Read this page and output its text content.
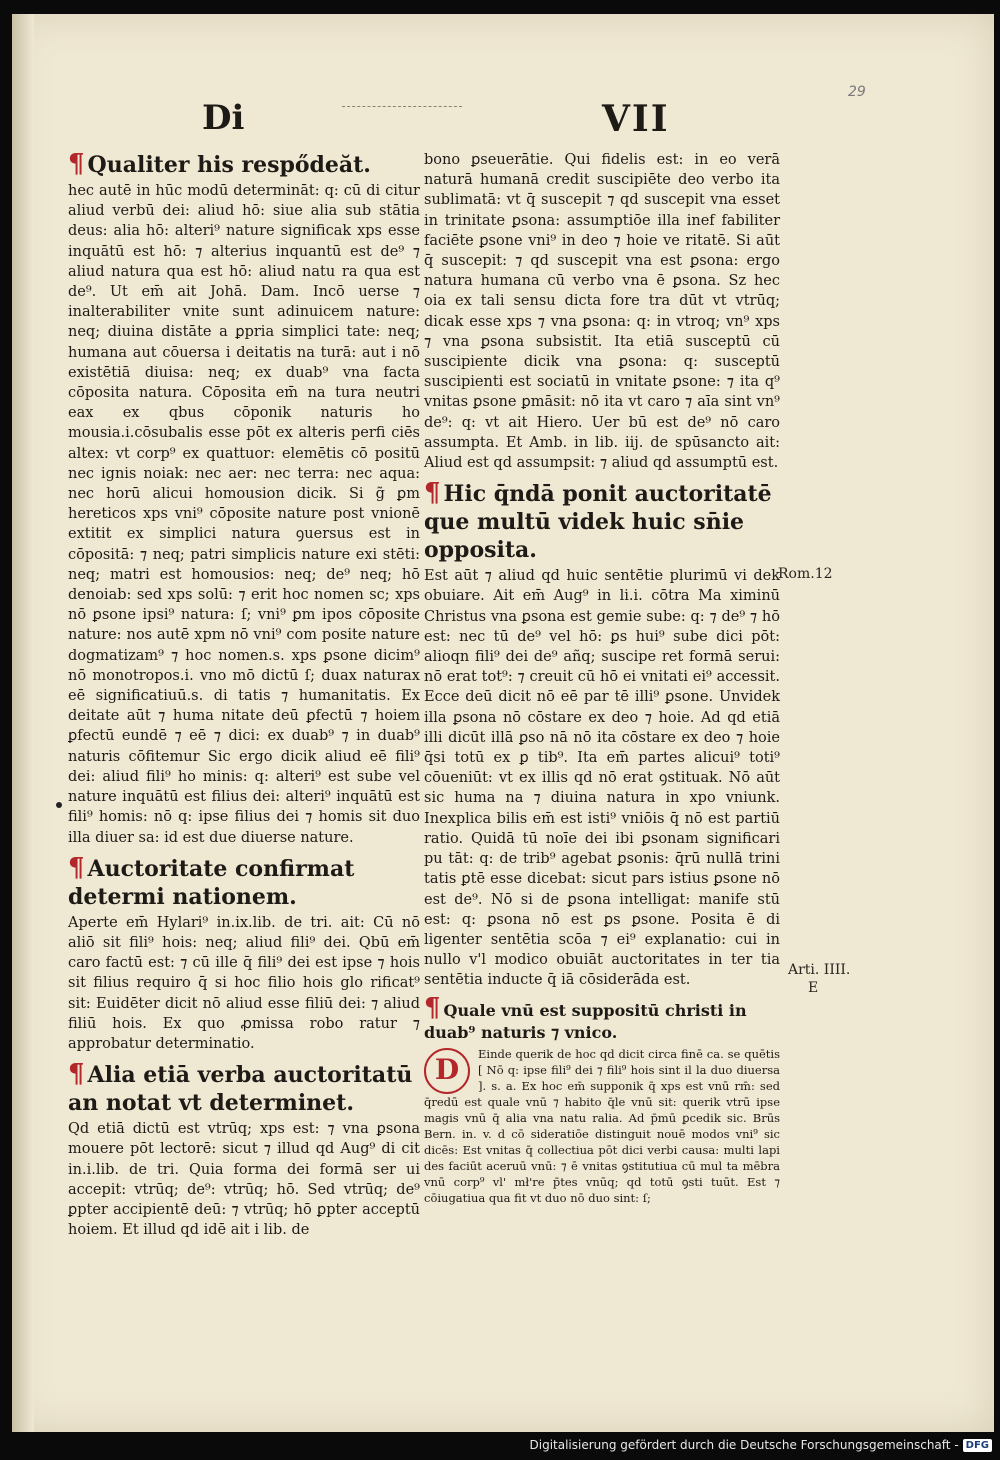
29
Di	VII
¶ Qualiter his respődeăt.

hec autē in hūc modū determināt: q: cū di citur aliud verbū dei: aliud hō: siue alia sub stātia deus: alia hō: alteri⁹ nature significak xps esse inquātū est hō: ⁊ alterius inquantū est de⁹ ⁊ aliud natura qua est hō: aliud natu ra qua est de⁹. Ut em̄ ait Johā. Dam. Incō uerse ⁊ inalterabiliter vnite sunt adinuicem nature: neq; diuina distāte a ꝑpria simplici tate: neq; humana aut cōuersa i deitatis na turā: aut i nō existētiā diuisa: neq; ex duab⁹ vna facta cōposita natura. Cōposita em̄ na tura neutri eax ex qbus cōponik naturis ho mousia.i.cōsubalis esse pōt ex alteris perfi ciēs altex: vt corp⁹ ex quattuor: elemētis cō positū nec ignis noiak: nec aer: nec terra: nec aqua: nec horū alicui homousion dicik. Si g̃ ꝑm hereticos xps vni⁹ cōposite nature post vnionē extitit ex simplici natura ꝯuersus est in cōpositā: ⁊ neq; patri simplicis nature exi stēti: neq; matri est homousios: neq; de⁹ neq; hō denoiab: sed xps solū: ⁊ erit hoc nomen sc; xps nō ꝑsone ipsi⁹ natura: ſ; vni⁹ ꝑm ipos cōposite nature: nos autē xpm nō vni⁹ com posite nature dogmatizam⁹ ⁊ hoc nomen.s. xps ꝑsone dicim⁹ nō monotropos.i. vno mō dictū ſ; duax naturax eē significatiuū.s. di tatis ⁊ humanitatis. Ex deitate aūt ⁊ huma nitate deū ꝑfectū ⁊ hoiem ꝑfectū eundē ⁊ eē ⁊ dici: ex duab⁹ ⁊ in duab⁹ naturis cōfitemur Sic ergo dicik aliud eē fili⁹ dei: aliud fili⁹ ho minis: q: alteri⁹ est sube vel nature inquātū est filius dei: alteri⁹ inquātū est fili⁹ homis: nō q: ipse filius dei ⁊ homis sit duo illa diuer sa: id est due diuerse nature.

¶ Auctoritate confirmat determi nationem.

Aperte em̄ Hylari⁹ in.ix.lib. de tri. ait: Cū nō aliō sit fili⁹ hois: neq; aliud fili⁹ dei. Qbū em̄ caro factū est: ⁊ cū ille q̄ fili⁹ dei est ipse ⁊ hois sit filius requiro q̄ si hoc filio hois glo rificat⁹ sit: Euidēter dicit nō aliud esse filiū dei: ⁊ aliud filiū hois. Ex quo ꝓmissa robo ratur ⁊ approbatur determinatio.

¶ Alia etiā verba auctoritatū an notat vt determinet.

Qd etiā dictū est vtrūq; xps est: ⁊ vna ꝑsona mouere pōt lectorē: sicut ⁊ illud qd Aug⁹ di cit in.i.lib. de tri. Quia forma dei formā ser ui accepit: vtrūq; de⁹: vtrūq; hō. Sed vtrūq; de⁹ ꝑpter accipientē deū: ⁊ vtrūq; hō ꝑpter acceptū hoiem. Et illud qd idē ait i lib. de

bono ꝑseuerātie. Qui fidelis est: in eo verā naturā humanā credit suscipiēte deo verbo ita sublimatā: vt q̄ suscepit ⁊ qd suscepit vna esset in trinitate ꝑsona: assumptiōe illa inef fabiliter faciēte ꝑsone vni⁹ in deo ⁊ hoie ve ritatē. Si aūt q̄ suscepit: ⁊ qd suscepit vna est ꝑsona: ergo natura humana cū verbo vna ē ꝑsona. Sz hec oia ex tali sensu dicta fore tra dūt vt vtrūq; dicak esse xps ⁊ vna ꝑsona: q: in vtroq; vn⁹ xps ⁊ vna ꝑsona subsistit. Ita etiā susceptū cū suscipiente dicik vna ꝑsona: q: susceptū suscipienti est sociatū in vnitate ꝑsone: ⁊ ita q⁹ vnitas ꝑsone ꝑmāsit: nō ita vt caro ⁊ aīa sint vn⁹ de⁹: q: vt ait Hiero. Uer bū est de⁹ nō caro assumpta. Et Amb. in lib. iij. de spūsancto ait: Aliud est qd assumpsit: ⁊ aliud qd assumptū est.

¶ Hic q̄ndā ponit auctoritatē que multū videk huic sn̄ie opposita.

Est aūt ⁊ aliud qd huic sentētie plurimū vi dek obuiare. Ait em̄ Aug⁹ in li.i. cōtra Ma ximinū Christus vna ꝑsona est gemie sube: q: ⁊ de⁹ ⁊ hō est: nec tū de⁹ vel hō: ꝑs hui⁹ sube dici pōt: alioqn fili⁹ dei de⁹ añq; suscipe ret formā serui: nō erat tot⁹: ⁊ creuit cū hō ei vnitati ei⁹ accessit. Ecce deū dicit nō eē par tē illi⁹ ꝑsone. Unvidek illa ꝑsona nō cōstare ex deo ⁊ hoie. Ad qd etiā illi dicūt illā ꝑso nā nō ita cōstare ex deo ⁊ hoie q̄si totū ex ꝑ tib⁹. Ita em̄ partes alicui⁹ toti⁹ cōueniūt: vt ex illis qd nō erat ꝯstituak. Nō aūt sic huma na ⁊ diuina natura in xpo vniunk. Inexplica bilis em̄ est isti⁹ vniōis q̄ nō est partiū ratio. Quidā tū noīe dei ibi ꝑsonam significari pu tāt: q: de trib⁹ agebat ꝑsonis: q̄rū nullā trini tatis ꝑtē esse dicebat: sicut pars istius ꝑsone nō est de⁹. Nō si de ꝑsona intelligat: manife stū est: q: ꝑsona nō est ꝑs ꝑsone. Posita ē di ligenter sentētia scōa ⁊ ei⁹ explanatio: cui in nullo v'l modico obuiāt auctoritates in ter tia sentētia inducte q̄ iā cōsiderāda est.

¶ Quale vnū est suppositū christi in duab⁹ naturis ⁊ vnico.

D	Einde querik de hoc qd dicit circa finē ca. se quētis [ Nō q: ipse fili⁹ dei ⁊ fili⁹ hois sint il la duo diuersa ]. s. a. Ex hoc em̄ supponik q̄ xps est vnū rm̄: sed q̄redū est quale vnū ⁊ habito q̄le vnū sit: querik vtrū ipse magis vnū q̄ alia vna natu ralia. Ad p̄mū ꝑcedik sic. Brūs Bern. in. v. d cō sideratiōe distinguit nouē modos vni⁹ sic dicēs: Est vnitas q̄ collectiua pōt dici verbi causa: multi lapi des faciūt aceruū vnū: ⁊ ē vnitas ꝯstitutiua cū mul ta mēbra vnū corp⁹ vl' mł're p̄tes vnūq; qd totū ꝯsti tuūt. Est ⁊ cōiugatiua qua fit vt duo nō duo sint: ſ;

Rom.12
Arti. IIII.
E
Digitalisierung gefördert durch die Deutsche Forschungsgemeinschaft - DFG
